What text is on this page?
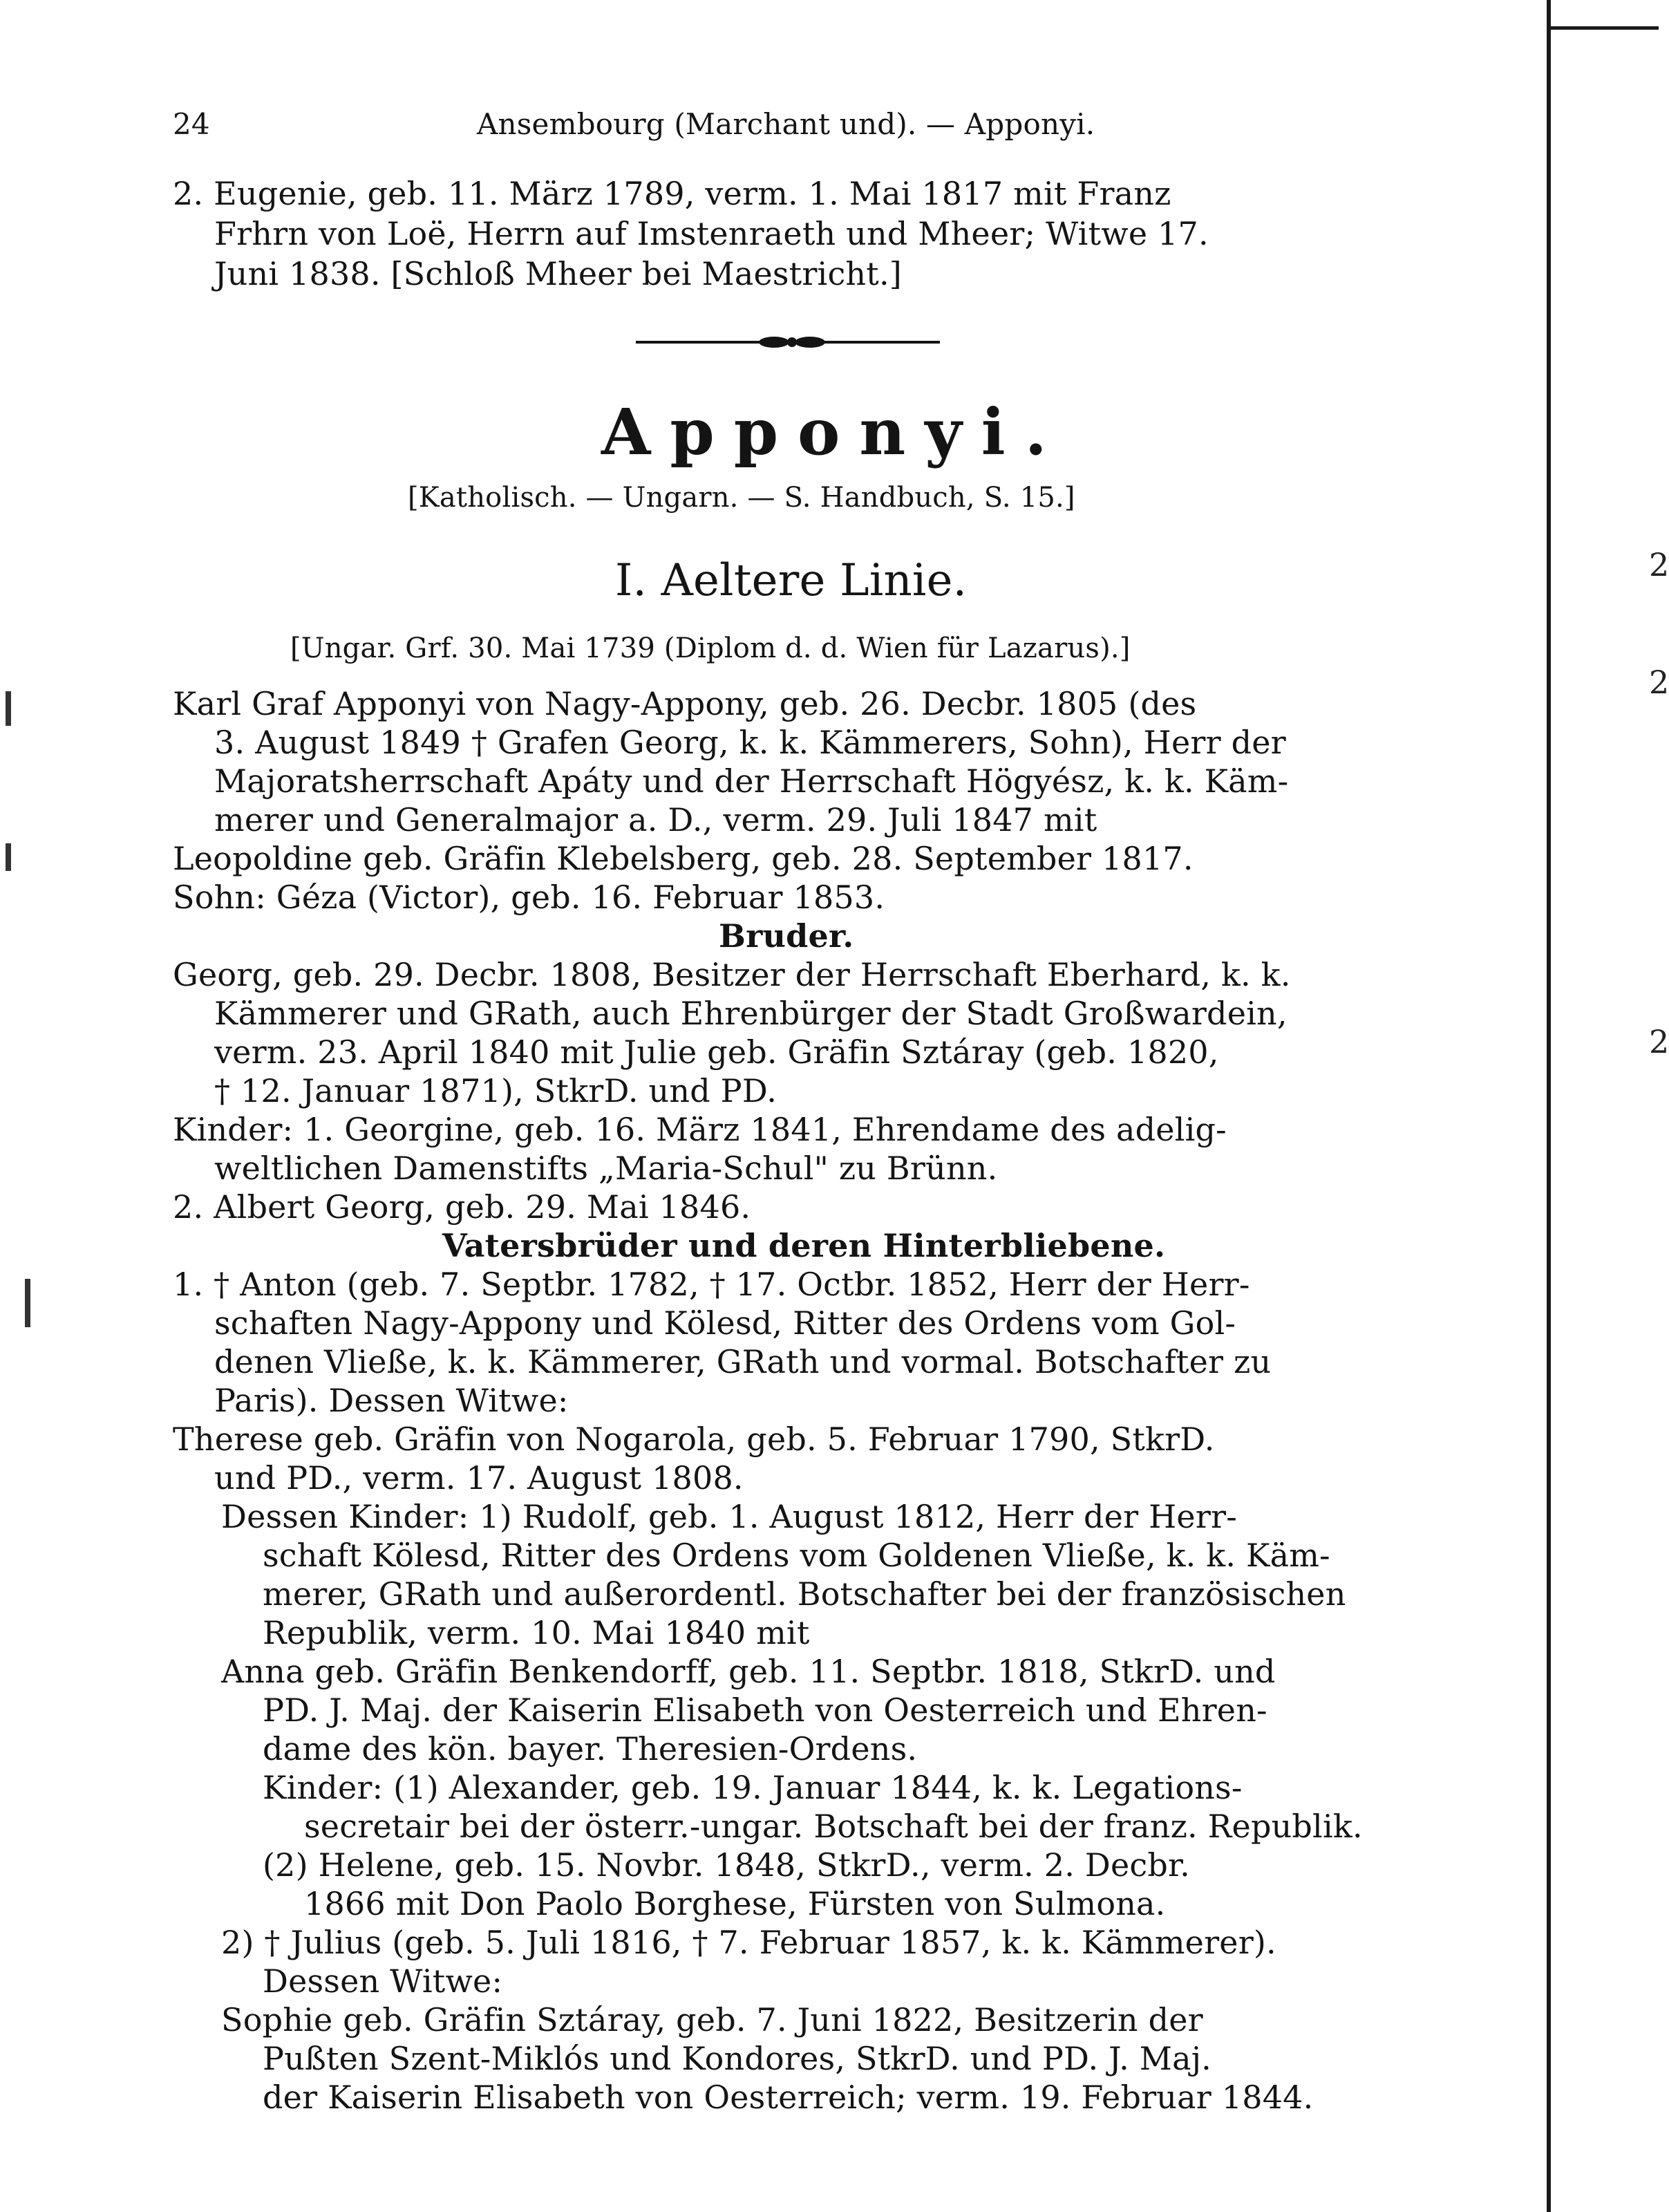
2
2
2
24	Ansembourg (Marchant und). — Apponyi.
2. Eugenie, geb. 11. März 1789, verm. 1. Mai 1817 mit Franz
Frhrn von Loë, Herrn auf Imstenraeth und Mheer; Witwe 17.
Juni 1838. [Schloß Mheer bei Maestricht.]
Apponyi.
[Katholisch. — Ungarn. — S. Handbuch, S. 15.]
I. Aeltere Linie.
[Ungar. Grf. 30. Mai 1739 (Diplom d. d. Wien für Lazarus).]
Karl Graf Apponyi von Nagy-Appony, geb. 26. Decbr. 1805 (des
3. August 1849 † Grafen Georg, k. k. Kämmerers, Sohn), Herr der
Majoratsherrschaft Apáty und der Herrschaft Högyész, k. k. Käm-
merer und Generalmajor a. D., verm. 29. Juli 1847 mit
Leopoldine geb. Gräfin Klebelsberg, geb. 28. September 1817.
Sohn: Géza (Victor), geb. 16. Februar 1853.
Bruder.
Georg, geb. 29. Decbr. 1808, Besitzer der Herrschaft Eberhard, k. k.
Kämmerer und GRath, auch Ehrenbürger der Stadt Großwardein,
verm. 23. April 1840 mit Julie geb. Gräfin Sztáray (geb. 1820,
† 12. Januar 1871), StkrD. und PD.
Kinder: 1. Georgine, geb. 16. März 1841, Ehrendame des adelig-
weltlichen Damenstifts „Maria-Schul" zu Brünn.
2. Albert Georg, geb. 29. Mai 1846.
Vatersbrüder und deren Hinterbliebene.
1. † Anton (geb. 7. Septbr. 1782, † 17. Octbr. 1852, Herr der Herr-
schaften Nagy-Appony und Kölesd, Ritter des Ordens vom Gol-
denen Vließe, k. k. Kämmerer, GRath und vormal. Botschafter zu
Paris). Dessen Witwe:
Therese geb. Gräfin von Nogarola, geb. 5. Februar 1790, StkrD.
und PD., verm. 17. August 1808.
Dessen Kinder: 1) Rudolf, geb. 1. August 1812, Herr der Herr-
schaft Kölesd, Ritter des Ordens vom Goldenen Vließe, k. k. Käm-
merer, GRath und außerordentl. Botschafter bei der französischen
Republik, verm. 10. Mai 1840 mit
Anna geb. Gräfin Benkendorff, geb. 11. Septbr. 1818, StkrD. und
PD. J. Maj. der Kaiserin Elisabeth von Oesterreich und Ehren-
dame des kön. bayer. Theresien-Ordens.
Kinder: (1) Alexander, geb. 19. Januar 1844, k. k. Legations-
secretair bei der österr.-ungar. Botschaft bei der franz. Republik.
(2) Helene, geb. 15. Novbr. 1848, StkrD., verm. 2. Decbr.
1866 mit Don Paolo Borghese, Fürsten von Sulmona.
2) † Julius (geb. 5. Juli 1816, † 7. Februar 1857, k. k. Kämmerer).
Dessen Witwe:
Sophie geb. Gräfin Sztáray, geb. 7. Juni 1822, Besitzerin der
Pußten Szent-Miklós und Kondores, StkrD. und PD. J. Maj.
der Kaiserin Elisabeth von Oesterreich; verm. 19. Februar 1844.
